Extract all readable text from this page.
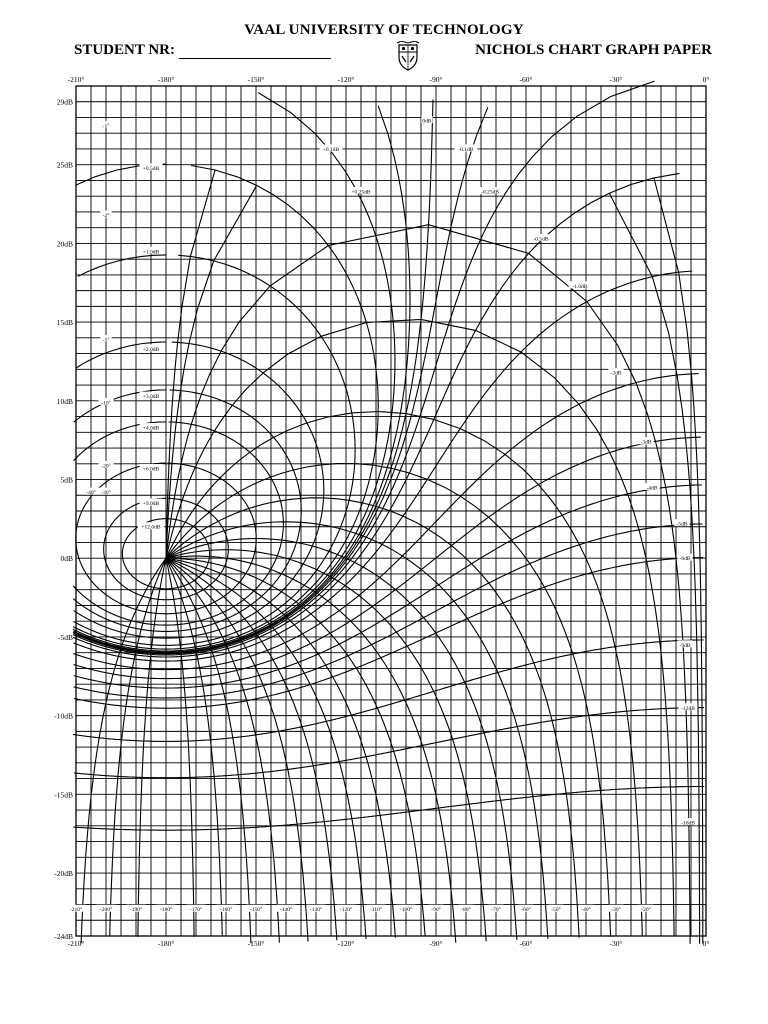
VAAL UNIVERSITY OF TECHNOLOGY
STUDENT NR:	NICHOLS CHART GRAPH PAPER
-210°	-180°	-150°	-120°	-90°	-60°	-30°	0°
-210°	-180°	-150°	-120°	-90°	-60°	-30°	0°
29dB
25dB
20dB
15dB
10dB
5dB
0dB
-5dB
-10dB
-15dB
-20dB
-24dB
+0.1dB
+0.25dB
+0.5dB
+1.0dB
+2.0dB
+3.0dB
+4.0dB
+6.0dB
+9.0dB
+12.0dB
0dB
-0.1dB
-0.25dB
-0.5dB
-1.0dB
-2dB
-3dB
-4dB
-5dB
-6dB
-9dB
-12dB
-16dB
-1°
-2°
-5°
-10°
-20°
-30°
-40°
-210°	-200°	-190°	-180°	-170°	-160°	-150°	-140°	-130°	-120°	-110°	-100°	-90°	-80°	-70°	-60°	-50°	-40°	-30°	-20°
